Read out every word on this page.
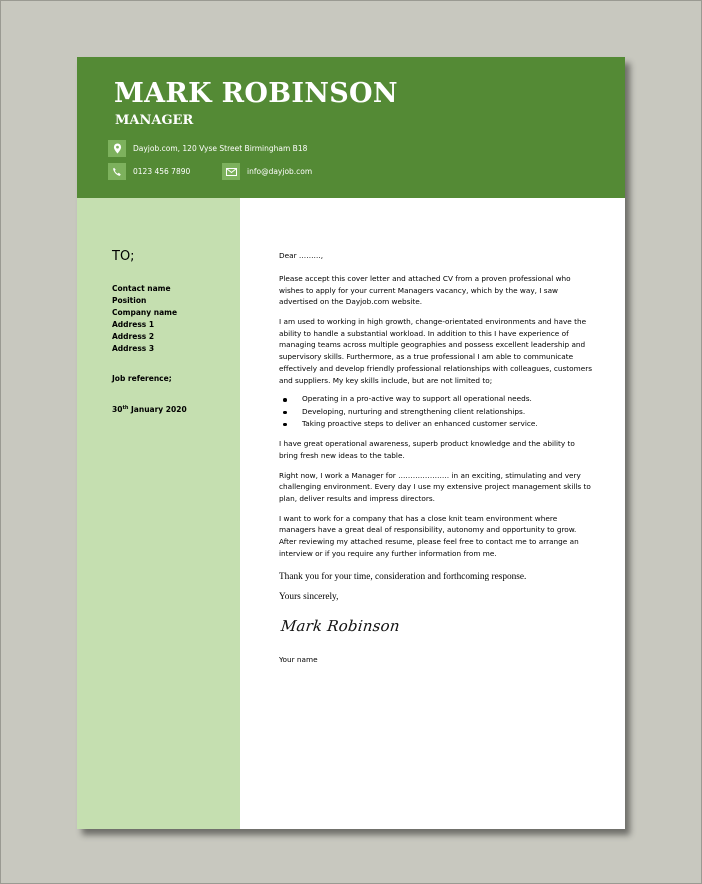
MARK ROBINSON
MANAGER
Dayjob.com, 120 Vyse Street Birmingham B18
0123 456 7890	info@dayjob.com
TO;
Contact name
Position
Company name
Address 1
Address 2
Address 3
Job reference;
30th January 2020
Dear ………,
Please accept this cover letter and attached CV from a proven professional who wishes to apply for your current Managers vacancy, which by the way, I saw advertised on the Dayjob.com website.
I am used to working in high growth, change-orientated environments and have the ability to handle a substantial workload. In addition to this I have experience of managing teams across multiple geographies and possess excellent leadership and supervisory skills. Furthermore, as a true professional I am able to communicate effectively and develop friendly professional relationships with colleagues, customers and suppliers. My key skills include, but are not limited to;
Operating in a pro-active way to support all operational needs.
Developing, nurturing and strengthening client relationships.
Taking proactive steps to deliver an enhanced customer service.
I have great operational awareness, superb product knowledge and the ability to bring fresh new ideas to the table.
Right now, I work a Manager for ………………… in an exciting, stimulating and very challenging environment. Every day I use my extensive project management skills to plan, deliver results and impress directors.
I want to work for a company that has a close knit team environment where managers have a great deal of responsibility, autonomy and opportunity to grow. After reviewing my attached resume, please feel free to contact me to arrange an interview or if you require any further information from me.
Thank you for your time, consideration and forthcoming response.
Yours sincerely,
Mark Robinson
Your name
